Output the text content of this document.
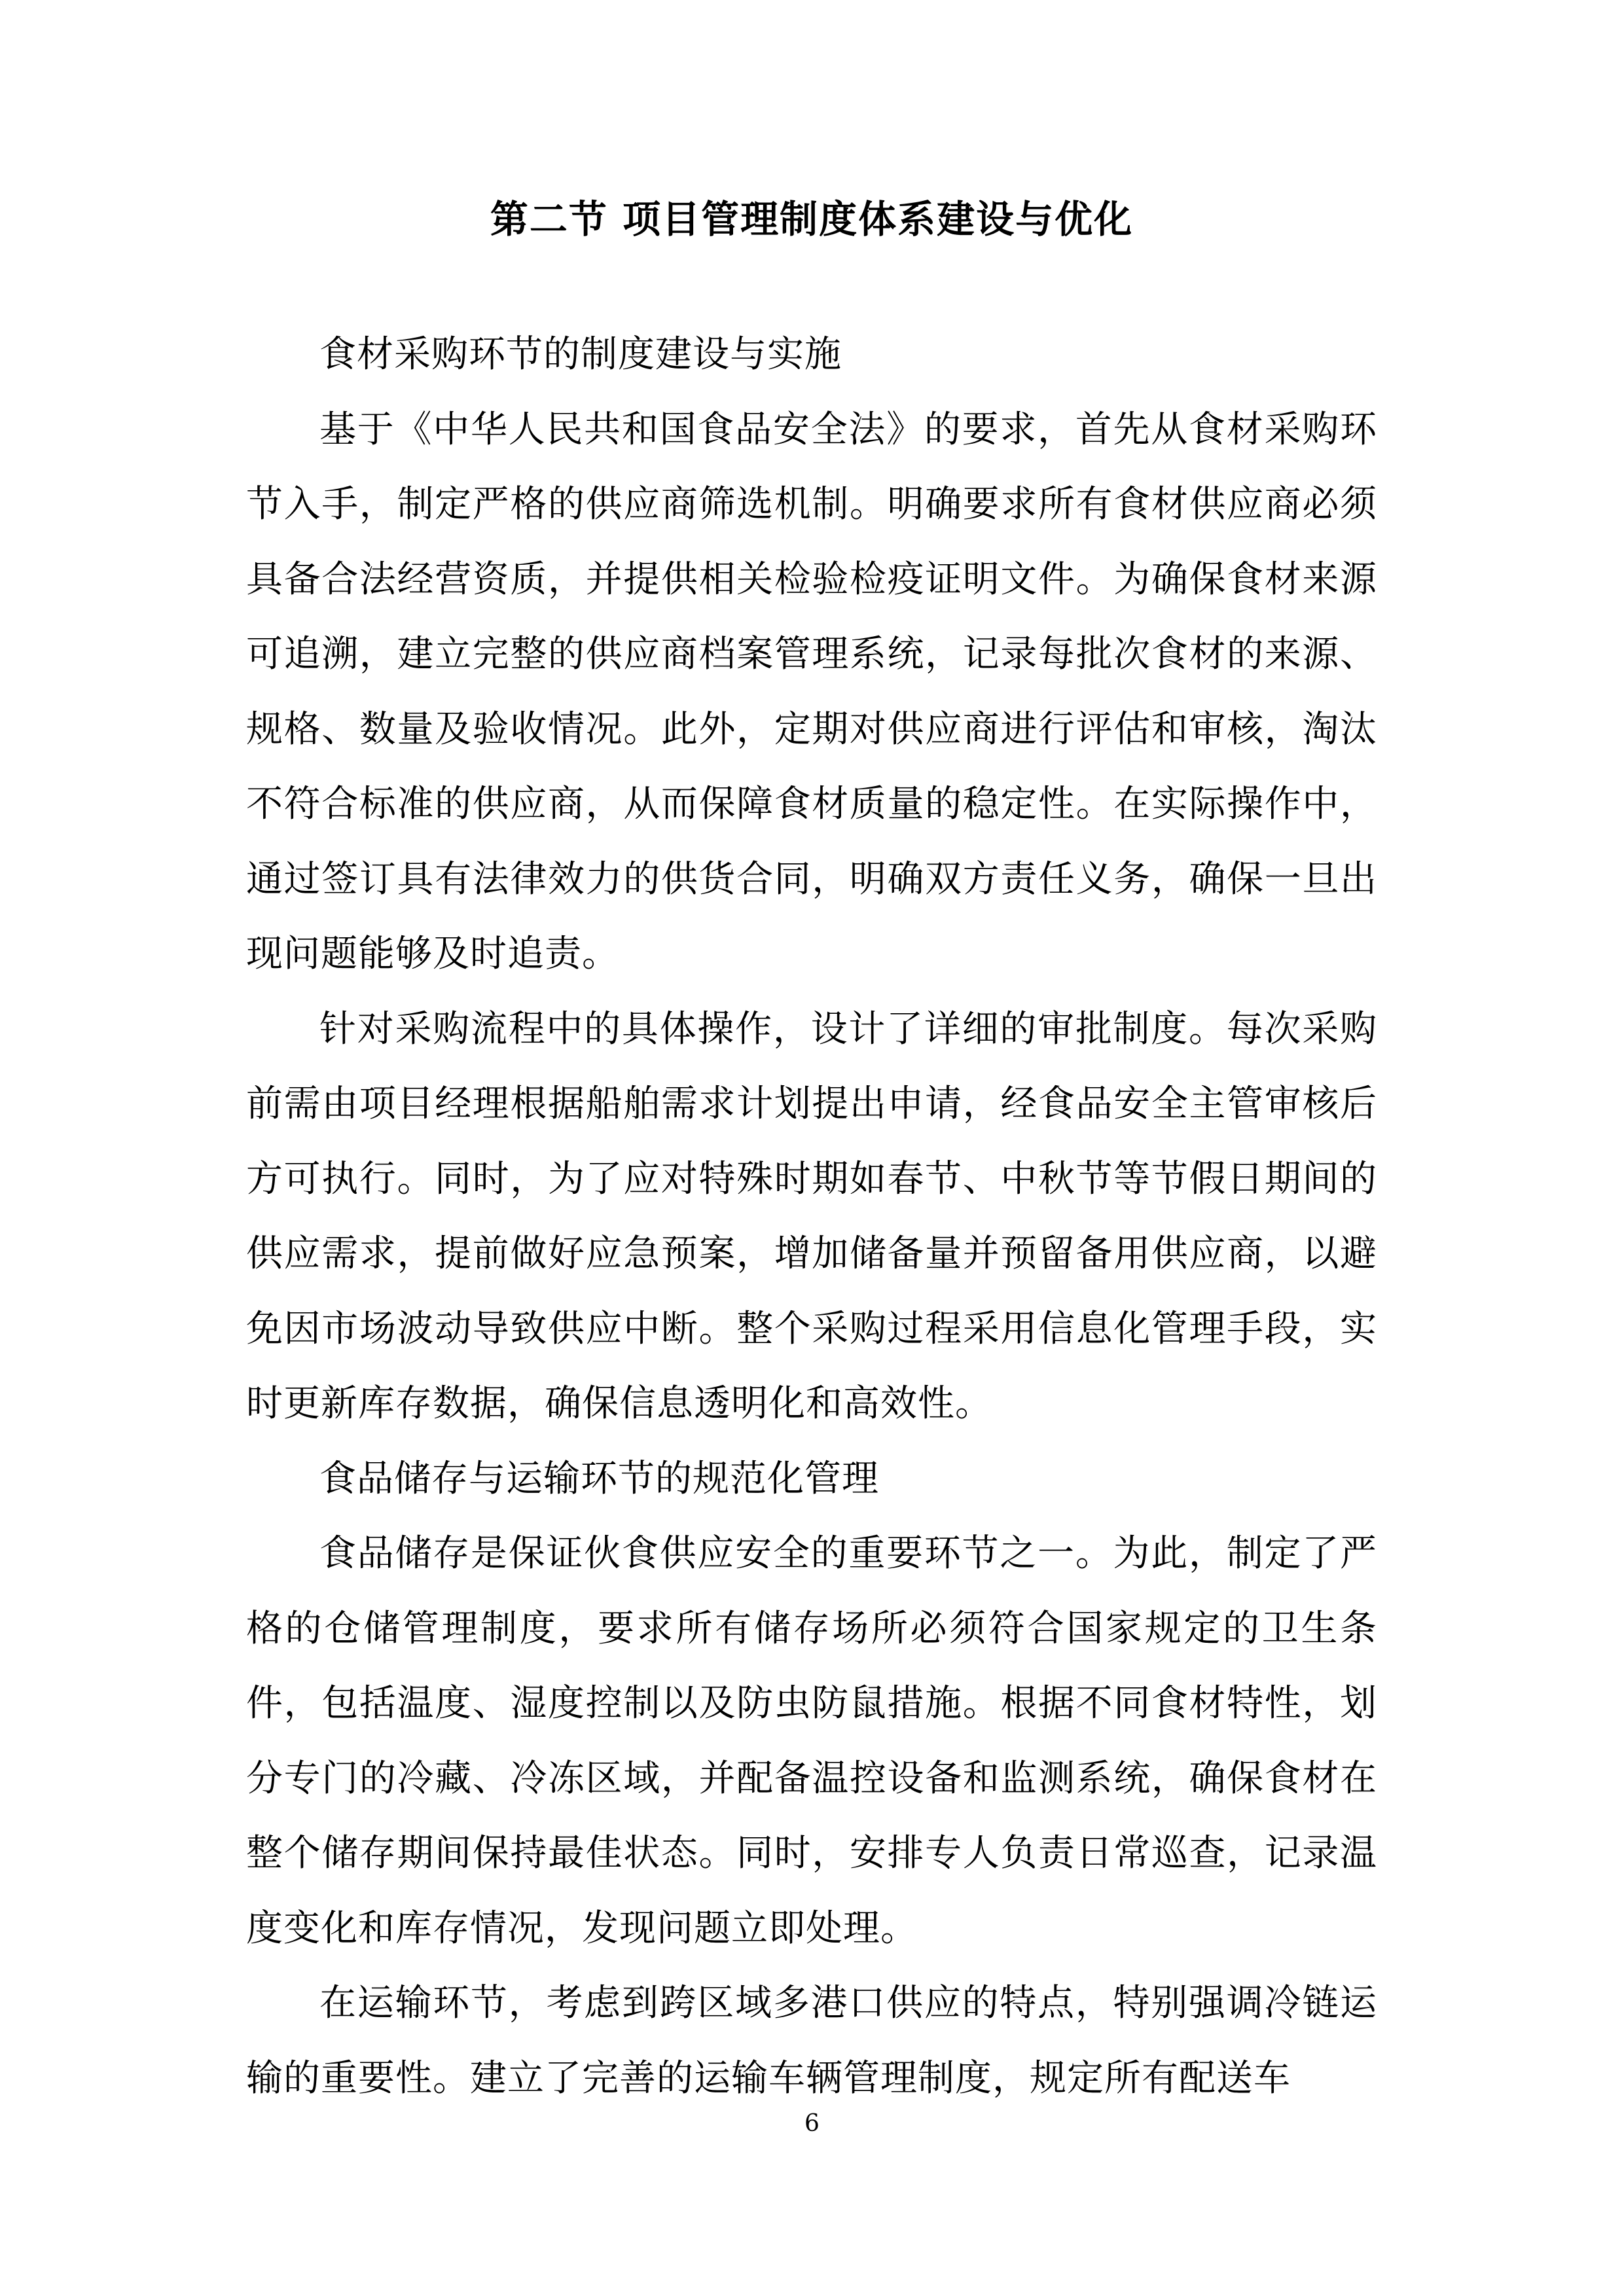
第二节 项目管理制度体系建设与优化

食材采购环节的制度建设与实施

基于《中华人民共和国食品安全法》的要求，首先从食材采购环节入手，制定严格的供应商筛选机制。明确要求所有食材供应商必须具备合法经营资质，并提供相关检验检疫证明文件。为确保食材来源可追溯，建立完整的供应商档案管理系统，记录每批次食材的来源、规格、数量及验收情况。此外，定期对供应商进行评估和审核，淘汰不符合标准的供应商，从而保障食材质量的稳定性。在实际操作中，通过签订具有法律效力的供货合同，明确双方责任义务，确保一旦出现问题能够及时追责。

针对采购流程中的具体操作，设计了详细的审批制度。每次采购前需由项目经理根据船舶需求计划提出申请，经食品安全主管审核后方可执行。同时，为了应对特殊时期如春节、中秋节等节假日期间的供应需求，提前做好应急预案，增加储备量并预留备用供应商，以避免因市场波动导致供应中断。整个采购过程采用信息化管理手段，实时更新库存数据，确保信息透明化和高效性。

食品储存与运输环节的规范化管理

食品储存是保证伙食供应安全的重要环节之一。为此，制定了严格的仓储管理制度，要求所有储存场所必须符合国家规定的卫生条件，包括温度、湿度控制以及防虫防鼠措施。根据不同食材特性，划分专门的冷藏、冷冻区域，并配备温控设备和监测系统，确保食材在整个储存期间保持最佳状态。同时，安排专人负责日常巡查，记录温度变化和库存情况，发现问题立即处理。

在运输环节，考虑到跨区域多港口供应的特点，特别强调冷链运输的重要性。建立了完善的运输车辆管理制度，规定所有配送车

6
